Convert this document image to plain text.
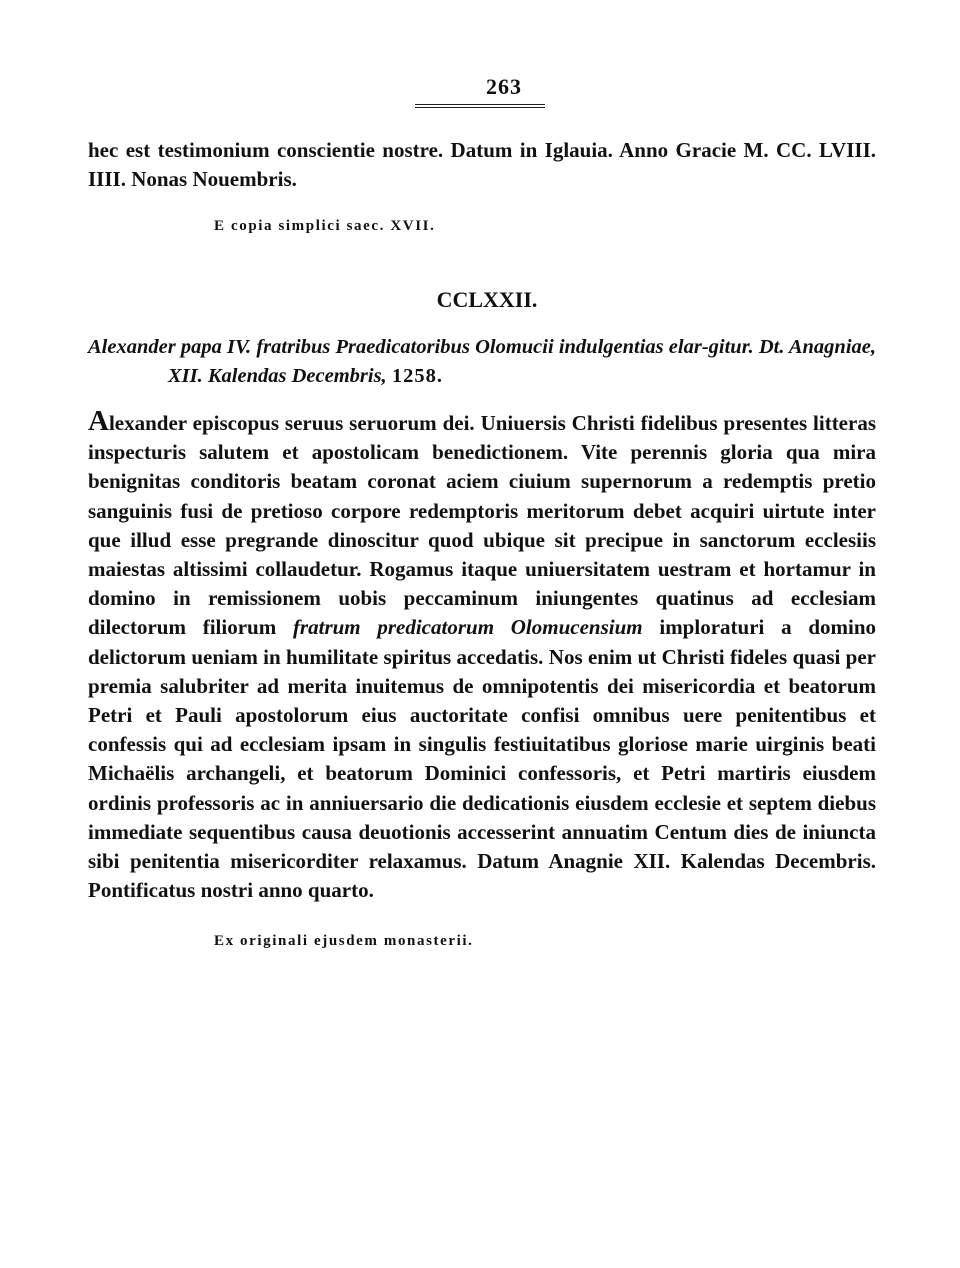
263

hec est testimonium conscientie nostre. Datum in Iglauia. Anno Gracie M. CC. LVIII. IIII. Nonas Nouembris.

E copia simplici saec. XVII.

CCLXXII.

Alexander papa IV. fratribus Praedicatoribus Olomucii indulgentias elar-gitur. Dt. Anagniae, XII. Kalendas Decembris, 1258.

Alexander episcopus seruus seruorum dei. Uniuersis Christi fidelibus presentes litteras inspecturis salutem et apostolicam benedictionem. Vite perennis gloria qua mira benignitas conditoris beatam coronat aciem ciuium supernorum a redemptis pretio sanguinis fusi de pretioso corpore redemptoris meritorum debet acquiri uirtute inter que illud esse pregrande dinoscitur quod ubique sit precipue in sanctorum ecclesiis maiestas altissimi collaudetur. Rogamus itaque uniuersitatem uestram et hortamur in domino in remissionem uobis peccaminum iniungentes quatinus ad ecclesiam dilectorum filiorum fratrum predicatorum Olomucensium imploraturi a domino delictorum ueniam in humilitate spiritus accedatis. Nos enim ut Christi fideles quasi per premia salubriter ad merita inuitemus de omnipotentis dei misericordia et beatorum Petri et Pauli apostolorum eius auctoritate confisi omnibus uere penitentibus et confessis qui ad ecclesiam ipsam in singulis festiuitatibus gloriose marie uirginis beati Michaëlis archangeli, et beatorum Dominici confessoris, et Petri martiris eiusdem ordinis professoris ac in anniuersario die dedicationis eiusdem ecclesie et septem diebus immediate sequentibus causa deuotionis accesserint annuatim Centum dies de iniuncta sibi penitentia misericorditer relaxamus. Datum Anagnie XII. Kalendas Decembris. Pontificatus nostri anno quarto.

Ex originali ejusdem monasterii.
